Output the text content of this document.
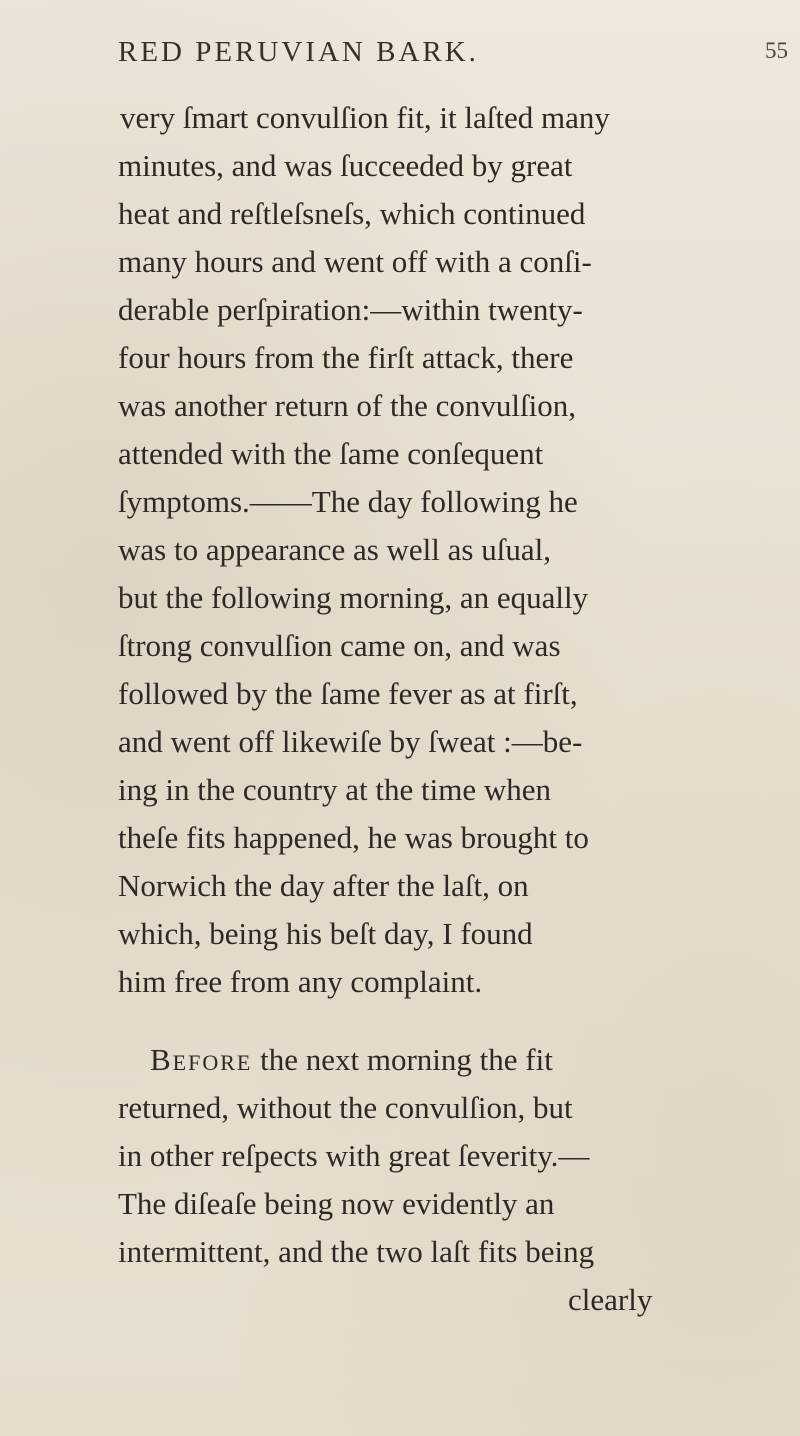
RED PERUVIAN BARK.	55
very ſmart convulſion fit, it laſted many
minutes, and was ſucceeded by great
heat and reſtleſsneſs, which continued
many hours and went off with a conſi-
derable perſpiration:—within twenty-
four hours from the firſt attack, there
was another return of the convulſion,
attended with the ſame conſequent
ſymptoms.——The day following he
was to appearance as well as uſual,
but the following morning, an equally
ſtrong convulſion came on, and was
followed by the ſame fever as at firſt,
and went off likewiſe by ſweat :—be-
ing in the country at the time when
theſe fits happened, he was brought to
Norwich the day after the laſt, on
which, being his beſt day, I found
him free from any complaint.
Before the next morning the fit
returned, without the convulſion, but
in other reſpects with great ſeverity.—
The diſeaſe being now evidently an
intermittent, and the two laſt fits being
clearly
